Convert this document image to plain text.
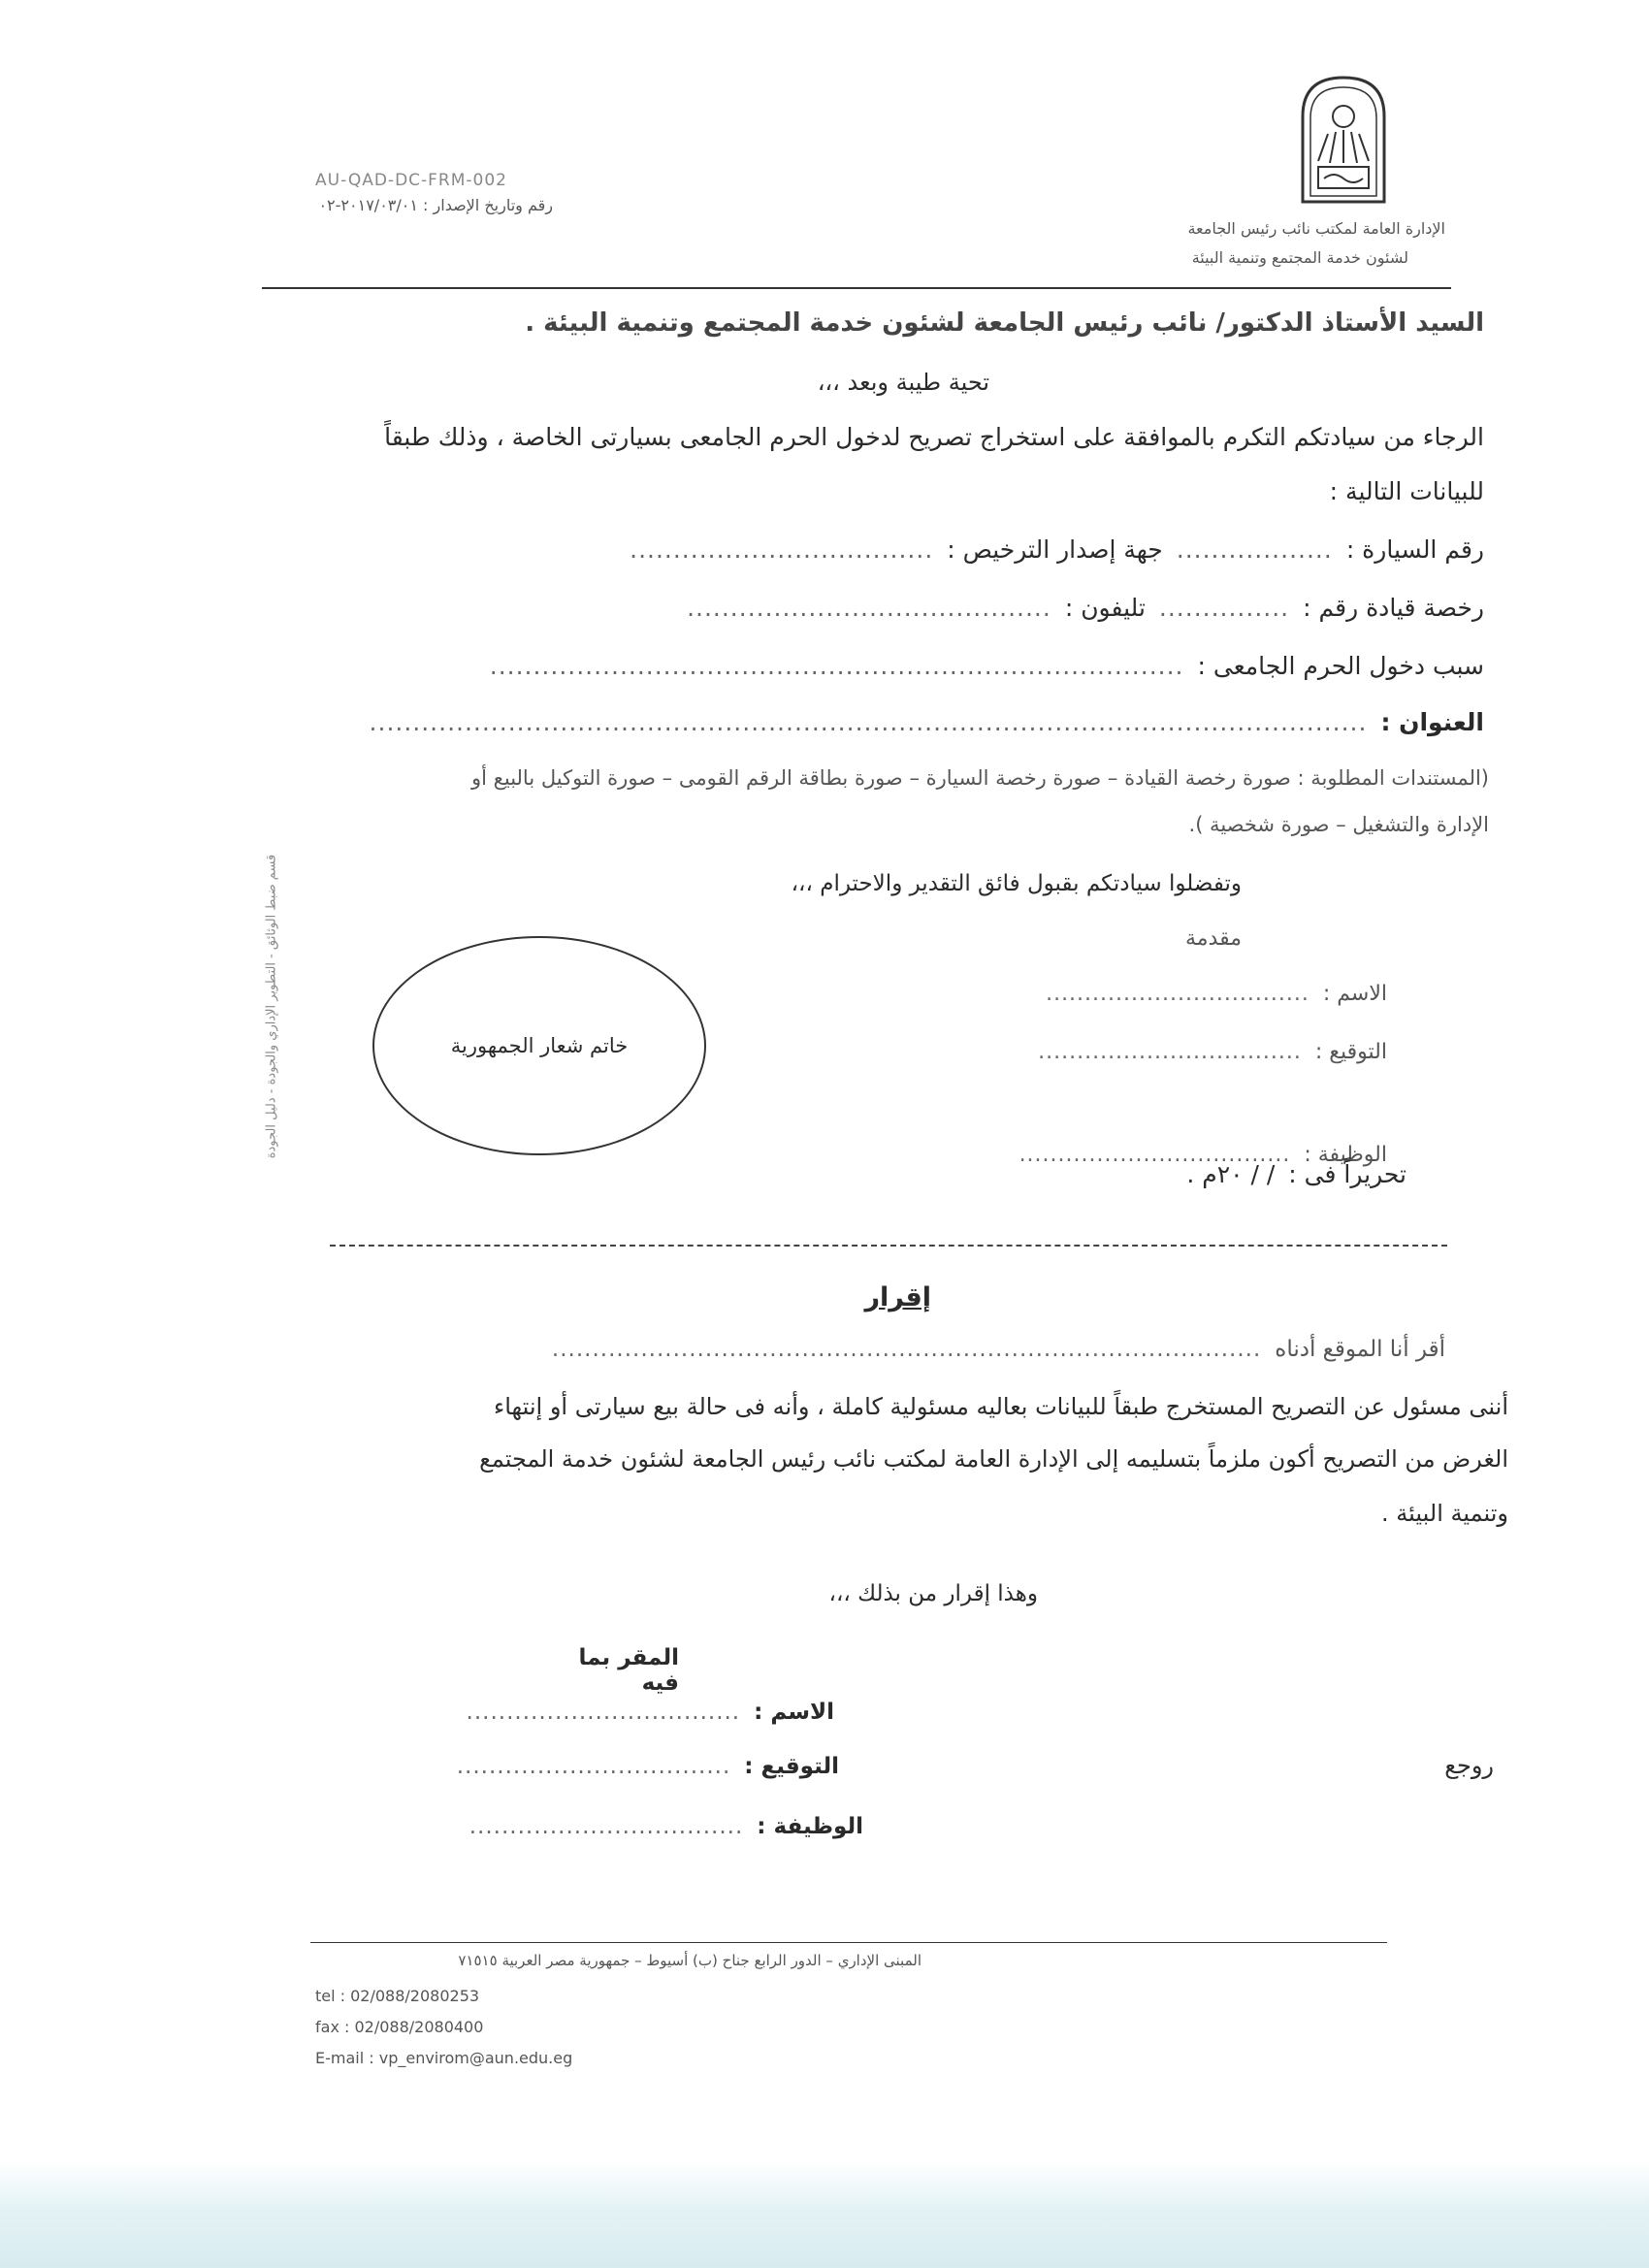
AU-QAD-DC-FRM-002
رقم وتاريخ الإصدار : ٢٠١٧/٠٣/٠١-٠٢
الإدارة العامة لمكتب نائب رئيس الجامعة
لشئون خدمة المجتمع وتنمية البيئة
السيد الأستاذ الدكتور/ نائب رئيس الجامعة لشئون خدمة المجتمع وتنمية البيئة .
تحية طيبة وبعد ،،،
الرجاء من سيادتكم التكرم بالموافقة على استخراج تصريح لدخول الحرم الجامعى بسيارتى الخاصة ، وذلك طبقاً
للبيانات التالية :
رقم السيارة :
..................
جهة إصدار الترخيص :
...................................
رخصة قيادة رقم :
...............
تليفون :
..........................................
سبب دخول الحرم الجامعى :
................................................................................
العنوان :
...................................................................................................................
(المستندات المطلوبة : صورة رخصة القيادة – صورة رخصة السيارة – صورة بطاقة الرقم القومى – صورة التوكيل بالبيع أو
الإدارة والتشغيل – صورة شخصية ).
وتفضلوا سيادتكم بقبول فائق التقدير والاحترام ،،،
مقدمة
الاسم :
..................................
التوقيع :
..................................
الوظيفة :
...................................
تحريراً فى :
/ / ٢٠م .
خاتم شعار الجمهورية
قسم ضبط الوثائق - التطوير الإداري والجودة - دليل الجودة
إقرار
أقر أنا الموقع أدناه
........................................................................................
أننى مسئول عن التصريح المستخرج طبقاً للبيانات بعاليه مسئولية كاملة ، وأنه فى حالة بيع سيارتى أو إنتهاء
الغرض من التصريح أكون ملزماً بتسليمه إلى الإدارة العامة لمكتب نائب رئيس الجامعة لشئون خدمة المجتمع
وتنمية البيئة .
وهذا إقرار من بذلك ،،،
المقر بما فيه
الاسم :
..................................
التوقيع :
..................................
الوظيفة :
..................................
روجع
المبنى الإداري – الدور الرابع جناح (ب) أسيوط – جمهورية مصر العربية ٧١٥١٥
tel : 02/088/2080253
fax : 02/088/2080400
E-mail : vp_envirom@aun.edu.eg
